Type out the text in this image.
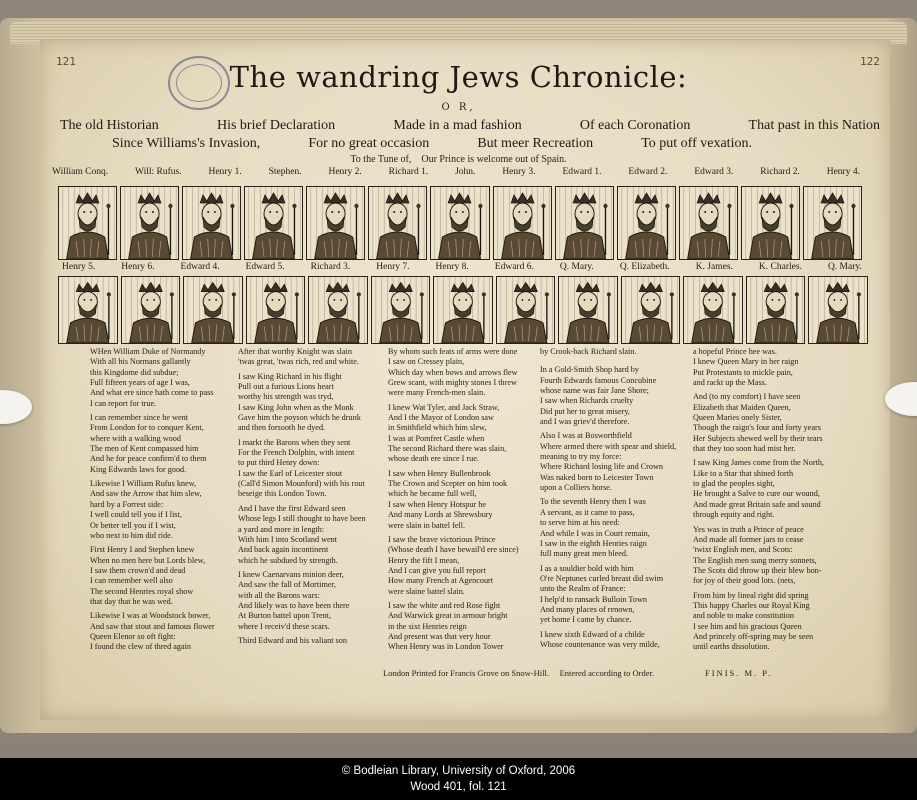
121	122
The wandring Jews Chronicle:
O R,
The old Historian	His brief Declaration	Made in a mad fashion	Of each Coronation	That past in this Nation
Since Williams's Invasion,	For no great occasion	But meer Recreation	To put off vexation.
To the Tune of, Our Prince is welcome out of Spain.
William Conq.	Will: Rufus.	Henry 1.	Stephen.	Henry 2.	Richard 1.	John.	Henry 3.	Edward 1.	Edward 2.	Edward 3.	Richard 2.	Henry 4.
Henry 5.	Henry 6.	Edward 4.	Edward 5.	Richard 3.	Henry 7.	Henry 8.	Edward 6.	Q. Mary.	Q. Elizabeth.	K. James.	K. Charles.	Q. Mary.
WHen William Duke of Normandy
With all his Normans gallantly
this Kingdome did subdue;
Full fifteen years of age I was,
And what ere since hath come to pass
I can report for true.

I can remember since he went
From London for to conquer Kent,
where with a walking wood
The men of Kent compassed him
And he for peace confirm'd to them
King Edwards laws for good.

Likewise I William Rufus knew,
And saw the Arrow that him slew,
hard by a Forrest side:
I well could tell you if I list,
Or better tell you if I wist,
who next to him did ride.

First Henry I and Stephen knew
When no men here but Lords blew,
I saw them crown'd and dead
I can remember well also
The second Henries royal show
that day that he was wed.

Likewise I was at Woodstock bower,
And saw that stout and famous flower
Queen Elenor so oft fight:
I found the clew of thred again
After that worthy Knight was slain
'twas great, 'twas rich, red and white.

I saw King Richard in his flight
Pull out a furious Lions heart
worthy his strength was tryd,
I saw King John when as the Monk
Gave him the poyson which he drunk
and then forsooth he dyed.

I markt the Barons when they sent
For the French Dolphin, with intent
to put third Henry down:
I saw the Earl of Leicester stout
(Call'd Simon Mounford) with his rout
beseige this London Town.

And I have the first Edward seen
Whose legs I still thought to have been
a yard and more in length:
With him I into Scotland went
And back again incontinent
which he subdued by strength.

I knew Caenarvans minion deer,
And saw the fall of Mortimer,
with all the Barons wars:
And likely was to have been there
At Burton battel upon Trent,
where I receiv'd these scars.

Third Edward and his valiant son
By whom such feats of arms were done
I saw on Cressey plain,
Which day when bows and arrows flew
Grew scant, with mighty stones I threw
were many French-men slain.

I knew Wat Tyler, and Jack Straw,
And I the Mayor of London saw
in Smithfield which him slew,
I was at Pomfret Castle when
The second Richard there was slain,
whose death ere since I rue.

I saw when Henry Bullenbrook
The Crown and Scepter on him took
which he became full well,
I saw when Henry Hotspur he
And many Lords at Shrewsbury
were slain in battel fell.

I saw the brave victorious Prince
(Whose death I have bewail'd ere since)
Henry the fift I mean,
And I can give you full report
How many French at Agencourt
were slaine battel slain.

I saw the white and red Rose fight
And Warwick great in armour bright
in the sixt Henries reign
And present was that very hour
When Henry was in London Tower
by Crook-back Richard slain.

In a Gold-Smith Shop hard by
Fourth Edwards famous Concubine
whose name was fair Jane Shore;
I saw when Richards cruelty
Did put her to great misery,
and I was griev'd therefore.

Also I was at Bosworthfield
Where armed there with spear and shield,
meaning to try my force:
Where Richard losing life and Crown
Was naked born to Leicester Town
upon a Colliers horse.

To the seventh Henry then I was
A servant, as it came to pass,
to serve him at his need:
And while I was in Court remain,
I saw in the eighth Henries raign
full many great men bleed.

I as a souldier bold with him
O're Neptunes curled breast did swim
unto the Realm of France:
I help'd to ransack Bulloin Town
And many places of renown,
yet home I came by chance.

I knew sixth Edward of a childe
Whose countenance was very milde,
a hopeful Prince hee was.
I knew Queen Mary in her raign
Put Protestants to mickle pain,
and rackt up the Mass.

And (to my comfort) I have seen
Elizabeth that Maiden Queen,
Queen Maries onely Sister,
Though the raign's four and forty years
Her Subjects shewed well by their tears
that they too soon had mist her.

I saw King James come from the North,
Like to a Star that shined forth
to glad the peoples sight,
He brought a Salve to cure our wound,
And made great Britain safe and sound
through equity and right.

Yes was in truth a Prince of peace
And made all former jars to cease
'twixt English men, and Scots:
The English men sung merry sonnets,
The Scots did throw up their blew bon-
for joy of their good lots. (nets,

From him by lineal right did spring
This happy Charles our Royal King
and noble to make constitution
I see him and his gracious Queen
And princely off-spring may be seen
until earths dissolution.
London Printed for Francis Grove on Snow-Hill. Entered according to Order.	FINIS. M. P.
© Bodleian Library, University of Oxford, 2006
Wood 401, fol. 121
